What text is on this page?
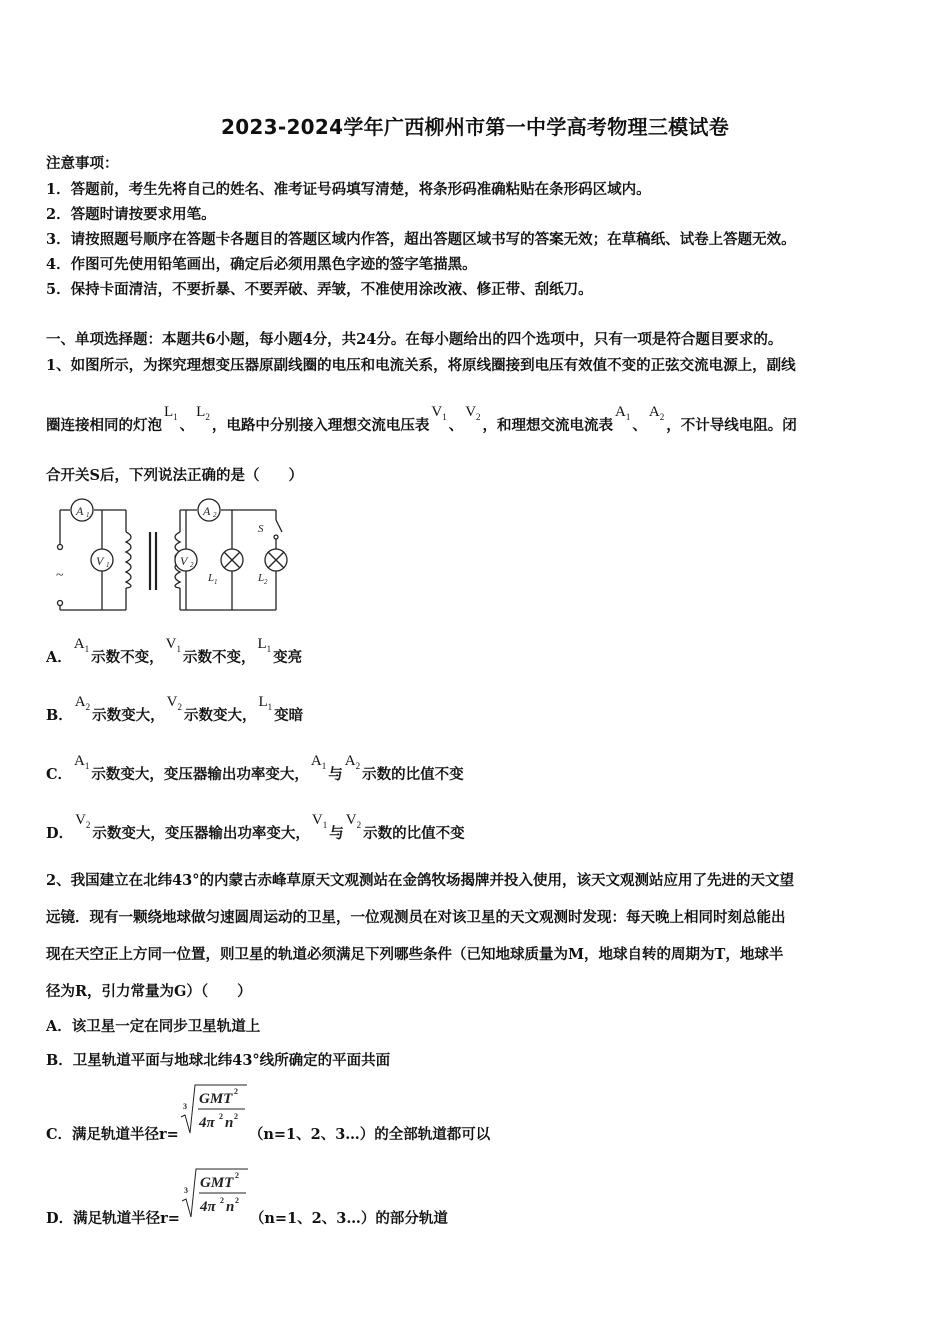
2023-2024学年广西柳州市第一中学高考物理三模试卷
注意事项：
1．答题前，考生先将自己的姓名、准考证号码填写清楚，将条形码准确粘贴在条形码区域内。
2．答题时请按要求用笔。
3．请按照题号顺序在答题卡各题目的答题区域内作答，超出答题区域书写的答案无效；在草稿纸、试卷上答题无效。
4．作图可先使用铅笔画出，确定后必须用黑色字迹的签字笔描黑。
5．保持卡面清洁，不要折暴、不要弄破、弄皱，不准使用涂改液、修正带、刮纸刀。
一、单项选择题：本题共6小题，每小题4分，共24分。在每小题给出的四个选项中，只有一项是符合题目要求的。
1、如图所示，为探究理想变压器原副线圈的电压和电流关系，将原线圈接到电压有效值不变的正弦交流电源上，副线
圈连接相同的灯泡$L_1$ 、$L_2$ ，电路中分别接入理想交流电压表$V_1$ 、$V_2$ ，和理想交流电流表$A_1$ 、$A_2$ ，不计导线电阻。闭
合开关S后，下列说法正确的是（　　）
~
A 1
V 1
A 2
V 2
L 1
S
L 2
A．$A_1$ 示数不变，$V_1$ 示数不变，$L_1$ 变亮
B．$A_2$ 示数变大，$V_2$ 示数变大，$L_1$ 变暗
C．$A_1$ 示数变大，变压器输出功率变大，$A_1$ 与$A_2$ 示数的比值不变
D．$V_2$ 示数变大，变压器输出功率变大，$V_1$ 与$V_2$ 示数的比值不变
2、我国建立在北纬43°的内蒙古赤峰草原天文观测站在金鸽牧场揭牌并投入使用，该天文观测站应用了先进的天文望
远镜．现有一颗绕地球做匀速圆周运动的卫星，一位观测员在对该卫星的天文观测时发现：每天晚上相同时刻总能出
现在天空正上方同一位置，则卫星的轨道必须满足下列哪些条件（已知地球质量为M，地球自转的周期为T，地球半
径为R，引力常量为G）（　　）
A．该卫星一定在同步卫星轨道上
B．卫星轨道平面与地球北纬43°线所确定的平面共面
C．满足轨道半径r=
3 GMT 2
4π 2 n 2
（n=1、2、3…）的全部轨道都可以
D．满足轨道半径r=
3 GMT 2
4π 2 n 2
（n=1、2、3…）的部分轨道
